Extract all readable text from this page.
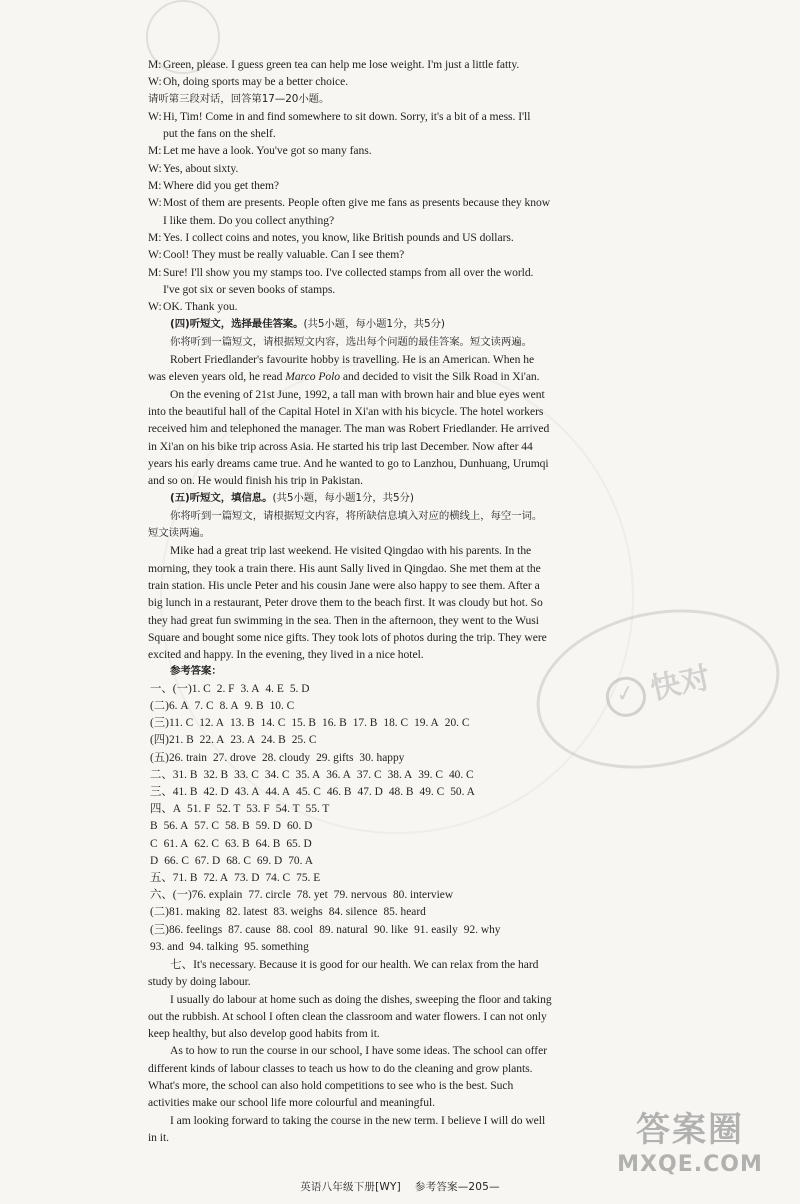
✓ 快对
M: Green, please. I guess green tea can help me lose weight. I'm just a little fatty.
W:Oh, doing sports may be a better choice.
请听第三段对话，回答第17—20小题。
W:Hi, Tim! Come in and find somewhere to sit down. Sorry, it's a bit of a mess. I'll
put the fans on the shelf.
M: Let me have a look. You've got so many fans.
W:Yes, about sixty.
M: Where did you get them?
W:Most of them are presents. People often give me fans as presents because they know
I like them. Do you collect anything?
M: Yes. I collect coins and notes, you know, like British pounds and US dollars.
W:Cool! They must be really valuable. Can I see them?
M: Sure! I'll show you my stamps too. I've collected stamps from all over the world.
I've got six or seven books of stamps.
W:OK. Thank you.
(四)听短文，选择最佳答案。(共5小题，每小题1分，共5分)
你将听到一篇短文，请根据短文内容，选出每个问题的最佳答案。短文读两遍。
Robert Friedlander's favourite hobby is travelling. He is an American. When he
was eleven years old, he read Marco Polo and decided to visit the Silk Road in Xi'an.
On the evening of 21st June, 1992, a tall man with brown hair and blue eyes went
into the beautiful hall of the Capital Hotel in Xi'an with his bicycle. The hotel workers
received him and telephoned the manager. The man was Robert Friedlander. He arrived
in Xi'an on his bike trip across Asia. He started his trip last December. Now after 44
years his early dreams came true. And he wanted to go to Lanzhou, Dunhuang, Urumqi
and so on. He would finish his trip in Pakistan.
(五)听短文，填信息。(共5小题，每小题1分，共5分)
你将听到一篇短文，请根据短文内容，将所缺信息填入对应的横线上，每空一词。
短文读两遍。
Mike had a great trip last weekend. He visited Qingdao with his parents. In the
morning, they took a train there. His aunt Sally lived in Qingdao. She met them at the
train station. His uncle Peter and his cousin Jane were also happy to see them. After a
big lunch in a restaurant, Peter drove them to the beach first. It was cloudy but hot. So
they had great fun swimming in the sea. Then in the afternoon, they went to the Wusi
Square and bought some nice gifts. They took lots of photos during the trip. They were
excited and happy. In the evening, they lived in a nice hotel.
参考答案：
一、(一)1. C 2. F 3. A 4. E 5. D
(二)6. A 7. C 8. A 9. B 10. C
(三)11. C 12. A 13. B 14. C 15. B 16. B 17. B 18. C 19. A 20. C
(四)21. B 22. A 23. A 24. B 25. C
(五)26. train 27. drove 28. cloudy 29. gifts 30. happy
二、31. B 32. B 33. C 34. C 35. A 36. A 37. C 38. A 39. C 40. C
三、41. B 42. D 43. A 44. A 45. C 46. B 47. D 48. B 49. C 50. A
四、A 51. F 52. T 53. F 54. T 55. T
B 56. A 57. C 58. B 59. D 60. D
C 61. A 62. C 63. B 64. B 65. D
D 66. C 67. D 68. C 69. D 70. A
五、71. B 72. A 73. D 74. C 75. E
六、(一)76. explain 77. circle 78. yet 79. nervous 80. interview
(二)81. making 82. latest 83. weighs 84. silence 85. heard
(三)86. feelings 87. cause 88. cool 89. natural 90. like 91. easily 92. why
93. and 94. talking 95. something
七、It's necessary. Because it is good for our health. We can relax from the hard
study by doing labour.
I usually do labour at home such as doing the dishes, sweeping the floor and taking
out the rubbish. At school I often clean the classroom and water flowers. I can not only
keep healthy, but also develop good habits from it.
As to how to run the course in our school, I have some ideas. The school can offer
different kinds of labour classes to teach us how to do the cleaning and grow plants.
What's more, the school can also hold competitions to see who is the best. Such
activities make our school life more colourful and meaningful.
I am looking forward to taking the course in the new term. I believe I will do well
in it.
英语八年级下册[WY] 参考答案—205—
答案圈
MXQE.COM
